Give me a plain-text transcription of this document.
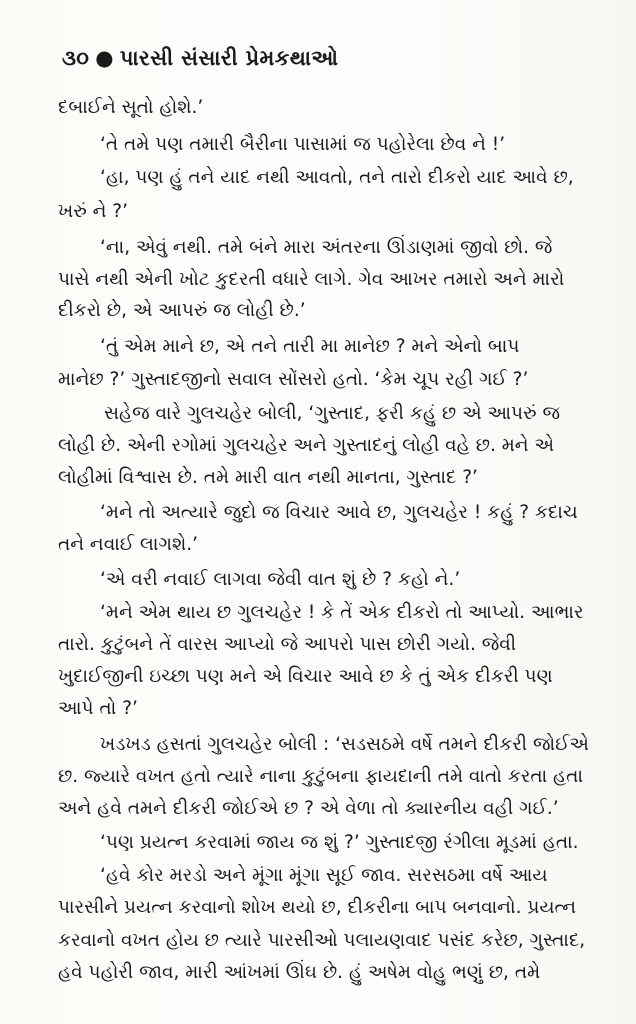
૩૦ ● પારસી સંસારી પ્રેમકથાઓ
દબાઈને સૂતો હોશે.’
‘તે તમે પણ તમારી બૈરીના પાસામાં જ પહોરેલા છેવ ને !’
‘હા, પણ હું તને યાદ નથી આવતો, તને તારો દીકરો યાદ આવે છ,
ખરું ને ?’
‘ના, એવું નથી. તમે બંને મારા અંતરના ઊંડાણમાં જીવો છો. જે
પાસે નથી એની ખોટ કુદરતી વધારે લાગે. ગેવ આખર તમારો અને મારો
દીકરો છે, એ આપરું જ લોહી છે.’
‘તું એમ માને છ, એ તને તારી મા માનેછ ? મને એનો બાપ
માનેછ ?’ ગુસ્તાદજીનો સવાલ સોંસરો હતો. ‘કેમ ચૂપ રહી ગઈ ?’
સહેજ વારે ગુલચહેર બોલી, ‘ગુસ્તાદ, ફરી કહું છ એ આપરું જ
લોહી છે. એની રગોમાં ગુલચહેર અને ગુસ્તાદનું લોહી વહે છ. મને એ
લોહીમાં વિશ્વાસ છે. તમે મારી વાત નથી માનતા, ગુસ્તાદ ?’
‘મને તો અત્યારે જુદો જ વિચાર આવે છ, ગુલચહેર ! કહું ? કદાચ
તને નવાઈ લાગશે.’
‘એ વરી નવાઈ લાગવા જેવી વાત શું છે ? કહો ને.’
‘મને એમ થાય છ ગુલચહેર ! કે તેં એક દીકરો તો આપ્યો. આભાર
તારો. કુટુંબને તેં વારસ આપ્યો જે આપરો પાસ છોરી ગયો. જેવી
ખુદાઈજીની ઇચ્છા પણ મને એ વિચાર આવે છ કે તું એક દીકરી પણ
આપે તો ?’
ખડખડ હસતાં ગુલચહેર બોલી : ‘સડસઠમે વર્ષે તમને દીકરી જોઈએ
છ. જ્યારે વખત હતો ત્યારે નાના કુટુંબના ફાયદાની તમે વાતો કરતા હતા
અને હવે તમને દીકરી જોઈએ છ ? એ વેળા તો ક્યારનીય વહી ગઈ.’
‘પણ પ્રયત્ન કરવામાં જાય જ શું ?’ ગુસ્તાદજી રંગીલા મૂડમાં હતા.
‘હવે કોર મરડો અને મૂંગા મૂંગા સૂઈ જાવ. સરસઠમા વર્ષે આય
પારસીને પ્રયત્ન કરવાનો શોખ થયો છ, દીકરીના બાપ બનવાનો. પ્રયત્ન
કરવાનો વખત હોય છ ત્યારે પારસીઓ પલાયણવાદ પસંદ કરેછ, ગુસ્તાદ,
હવે પહોરી જાવ, મારી આંખમાં ઊંઘ છે. હું અષેમ વોહુ ભણું છ, તમે
